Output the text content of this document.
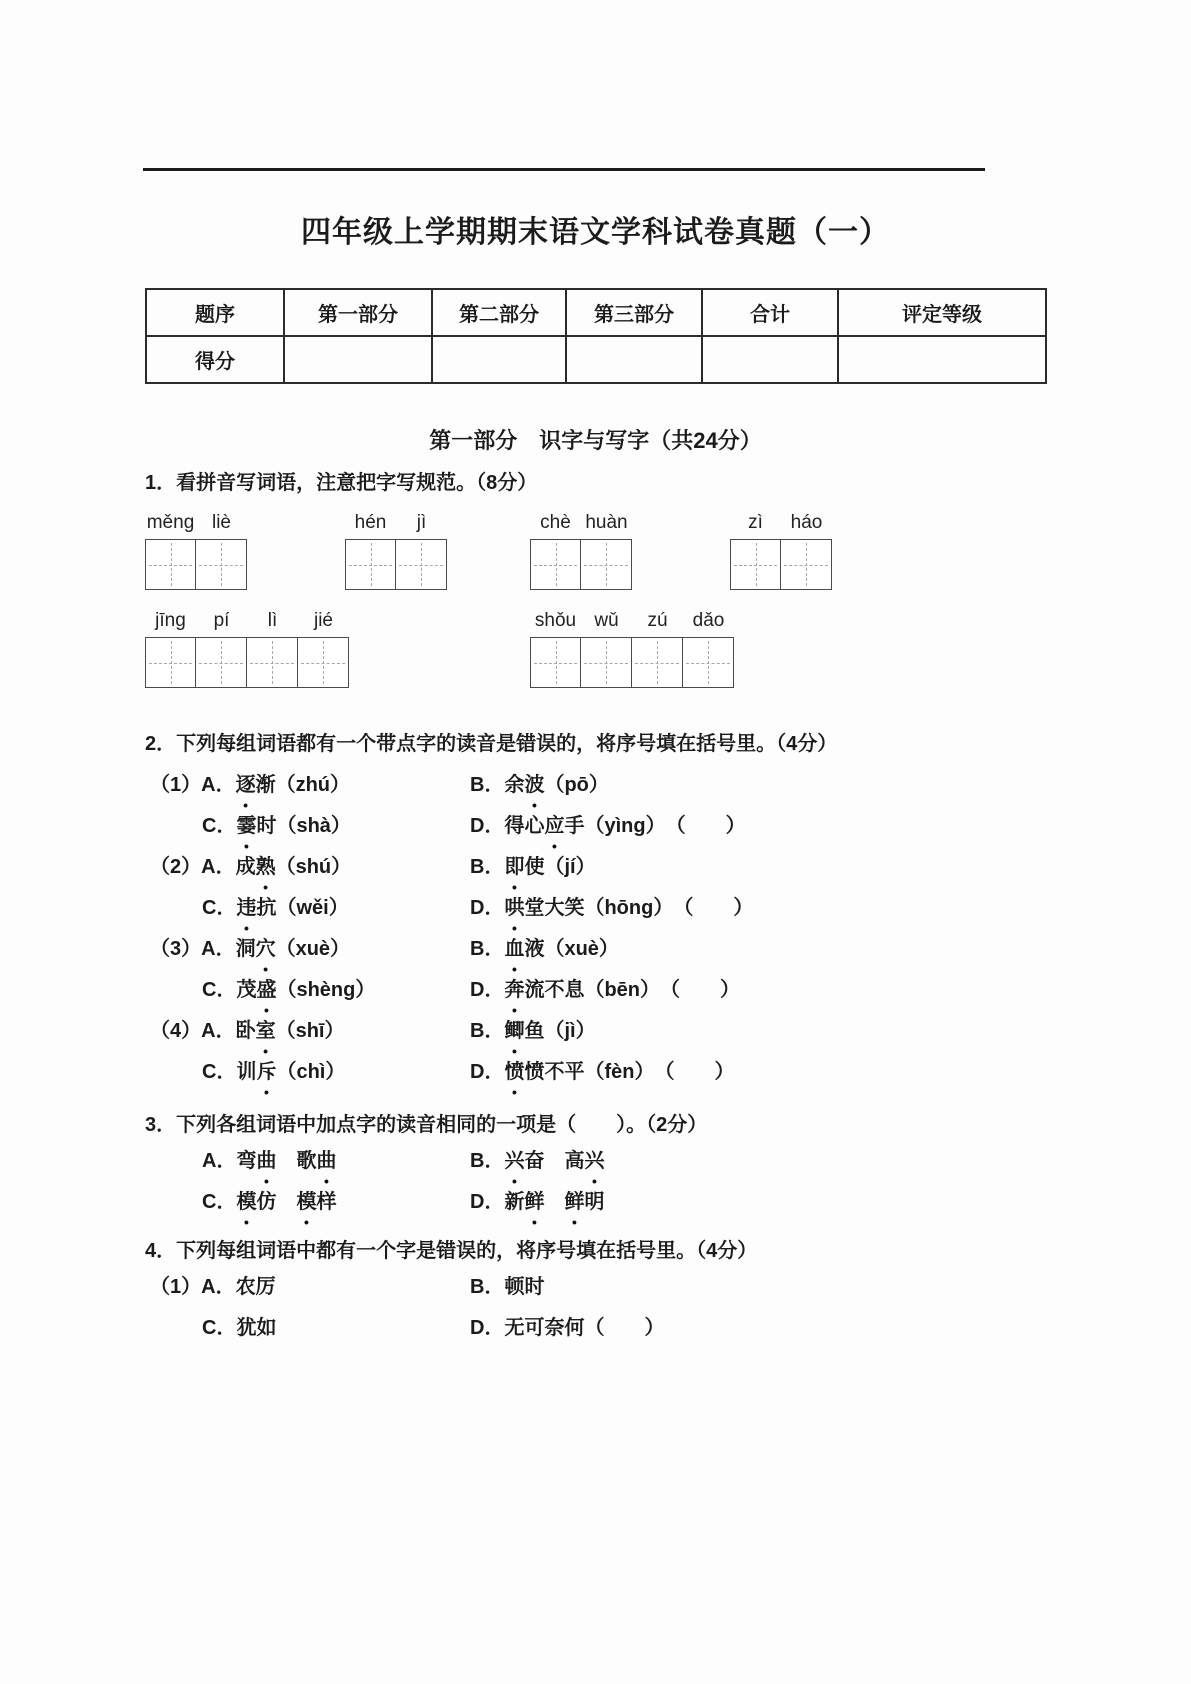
四年级上学期期末语文学科试卷真题（一）
题序	第一部分	第二部分	第三部分	合计	评定等级
得分					
第一部分　识字与写字（共24分）

1．看拼音写词语，注意把字写规范。（8分）

měng liè	hén	jì	chè huàn	zì	háo
jīng	pí	lì	jié	shǒu wǔ	zú	dǎo

2．下列每组词语都有一个带点字的读音是错误的，将序号填在括号里。（4分）

（1） A．逐渐（zhú）	B．余波（pō）
C．霎时（shà）	D．得心应手（yìng）（　　 ）
（2） A．成熟（shú）	B．即使（jí）
C．违抗（wěi）	D．哄堂大笑（hōng）（　　 ）
（3） A．洞穴（xuè）	B．血液（xuè）
C．茂盛（shèng）	D．奔流不息（bēn）（　　 ）
（4） A．卧室（shī）	B．鲫鱼（jì）
C．训斥（chì）	D．愤愤不平（fèn）（　　 ）

3．下列各组词语中加点字的读音相同的一项是（　　）。（2分）

A．弯曲　 歌曲	B．兴奋　 高兴
C．模仿　 模样	D．新鲜　 鲜明

4．下列每组词语中都有一个字是错误的，将序号填在括号里。（4分）

（1） A．农厉	B．顿时
C．犹如	D．无可奈何（　　 ）
